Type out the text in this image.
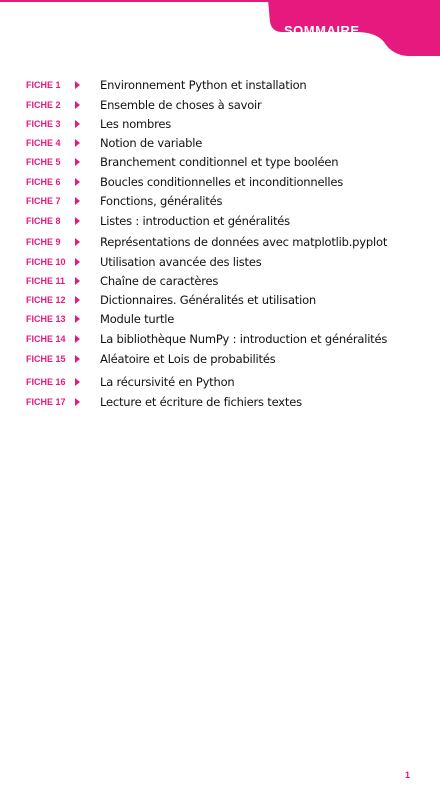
SOMMAIRE
FICHE 1	Environnement Python et installation
FICHE 2	Ensemble de choses à savoir
FICHE 3	Les nombres
FICHE 4	Notion de variable
FICHE 5	Branchement conditionnel et type booléen
FICHE 6	Boucles conditionnelles et inconditionnelles
FICHE 7	Fonctions, généralités
FICHE 8	Listes : introduction et généralités
FICHE 9	Représentations de données avec matplotlib.pyplot
FICHE 10	Utilisation avancée des listes
FICHE 11	Chaîne de caractères
FICHE 12	Dictionnaires. Généralités et utilisation
FICHE 13	Module turtle
FICHE 14	La bibliothèque NumPy : introduction et généralités
FICHE 15	Aléatoire et Lois de probabilités
FICHE 16	La récursivité en Python
FICHE 17	Lecture et écriture de fichiers textes
1
